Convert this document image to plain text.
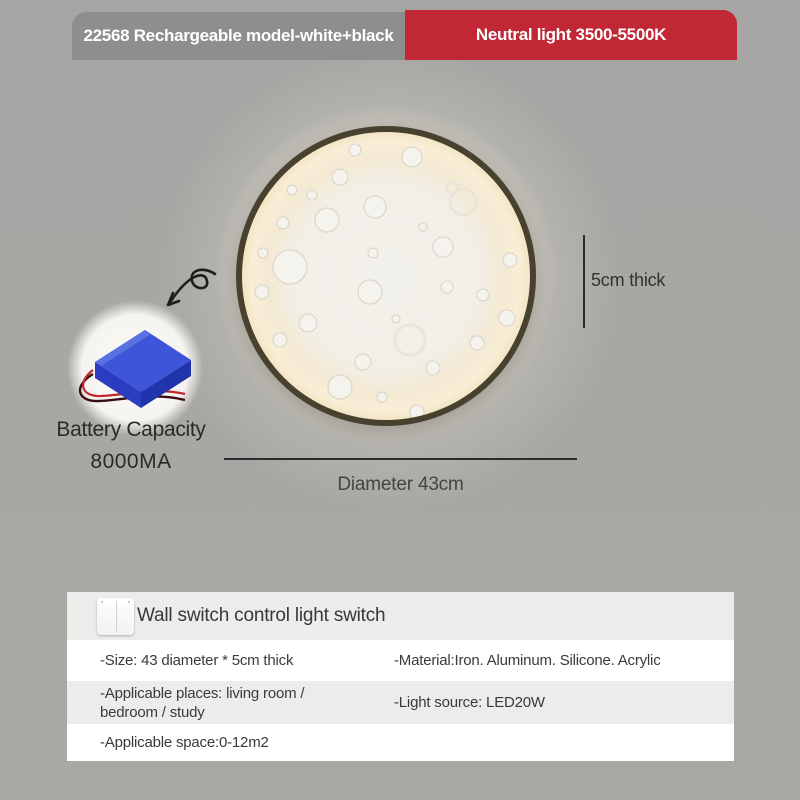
22568 Rechargeable model-white+black	Neutral light 3500-5500K
5cm thick
Diameter 43cm
Battery Capacity
8000MA
Wall switch control light switch
-Size: 43 diameter * 5cm thick	-Material:Iron. Aluminum. Silicone. Acrylic
-Applicable places: living room / bedroom / study
-Light source: LED20W
-Applicable space:0-12m2
